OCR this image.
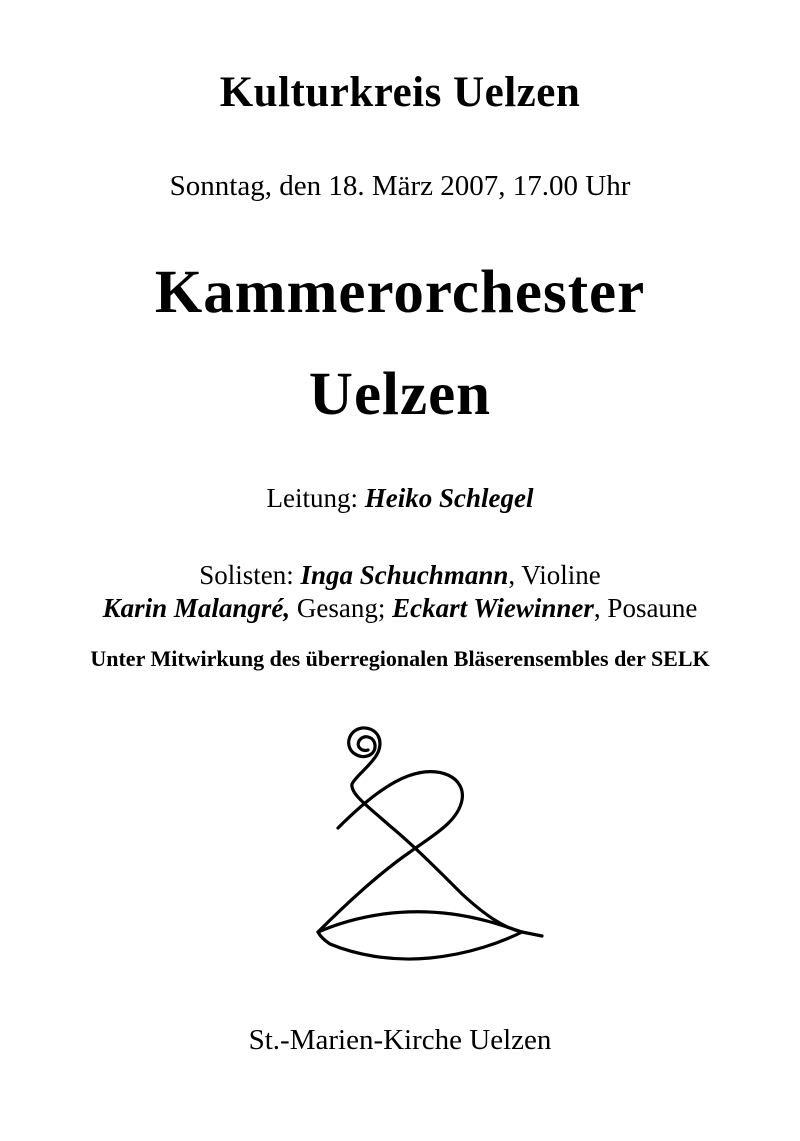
Kulturkreis Uelzen
Sonntag, den 18. März 2007, 17.00 Uhr
Kammerorchester
Uelzen
Leitung: Heiko Schlegel
Solisten: Inga Schuchmann, Violine
Karin Malangré, Gesang; Eckart Wiewinner, Posaune
Unter Mitwirkung des überregionalen Bläserensembles der SELK
St.-Marien-Kirche Uelzen
